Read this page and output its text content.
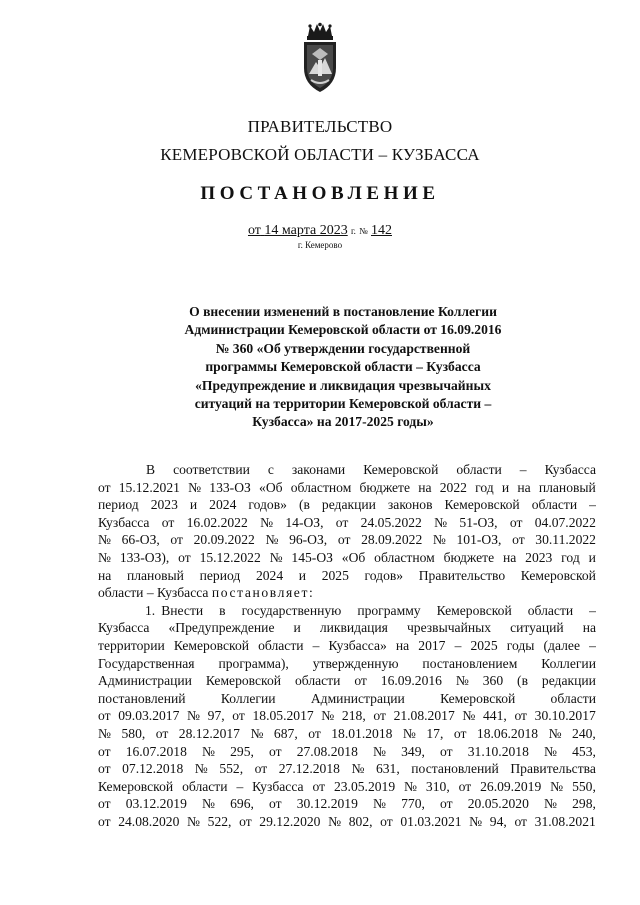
ПРАВИТЕЛЬСТВО
КЕМЕРОВСКОЙ ОБЛАСТИ – КУЗБАССА
ПОСТАНОВЛЕНИЕ
от 14 марта 2023 г. № 142
г. Кемерово
О внесении изменений в постановление Коллегии
Администрации Кемеровской области от 16.09.2016
№ 360 «Об утверждении государственной
программы Кемеровской области – Кузбасса
«Предупреждение и ликвидация чрезвычайных
ситуаций на территории Кемеровской области –
Кузбасса» на 2017-2025 годы»
В соответствии с законами Кемеровской области – Кузбасса
от 15.12.2021 № 133-ОЗ «Об областном бюджете на 2022 год и на плановый
период 2023 и 2024 годов» (в редакции законов Кемеровской области –
Кузбасса от 16.02.2022 № 14-ОЗ, от 24.05.2022 № 51-ОЗ, от 04.07.2022
№ 66-ОЗ, от 20.09.2022 № 96-ОЗ, от 28.09.2022 № 101-ОЗ, от 30.11.2022
№ 133-ОЗ), от 15.12.2022 № 145-ОЗ «Об областном бюджете на 2023 год и
на плановый период 2024 и 2025 годов» Правительство Кемеровской
области – Кузбасса
постановляет:
1. Внести в государственную программу Кемеровской области –
Кузбасса «Предупреждение и ликвидация чрезвычайных ситуаций на
территории Кемеровской области – Кузбасса» на 2017 – 2025 годы (далее –
Государственная программа), утвержденную постановлением Коллегии
Администрации Кемеровской области от 16.09.2016 № 360 (в редакции
постановлений	Коллегии	Администрации	Кемеровской	области
от 09.03.2017 № 97, от 18.05.2017 № 218, от 21.08.2017 № 441, от 30.10.2017
№ 580, от 28.12.2017 № 687, от 18.01.2018 № 17, от 18.06.2018 № 240,
от 16.07.2018 № 295, от 27.08.2018 № 349, от 31.10.2018 № 453,
от 07.12.2018 № 552, от 27.12.2018 № 631, постановлений Правительства
Кемеровской области – Кузбасса от 23.05.2019 № 310, от 26.09.2019 № 550,
от 03.12.2019 № 696, от 30.12.2019 № 770, от 20.05.2020 № 298,
от 24.08.2020 № 522, от 29.12.2020 № 802, от 01.03.2021 № 94, от 31.08.2021
